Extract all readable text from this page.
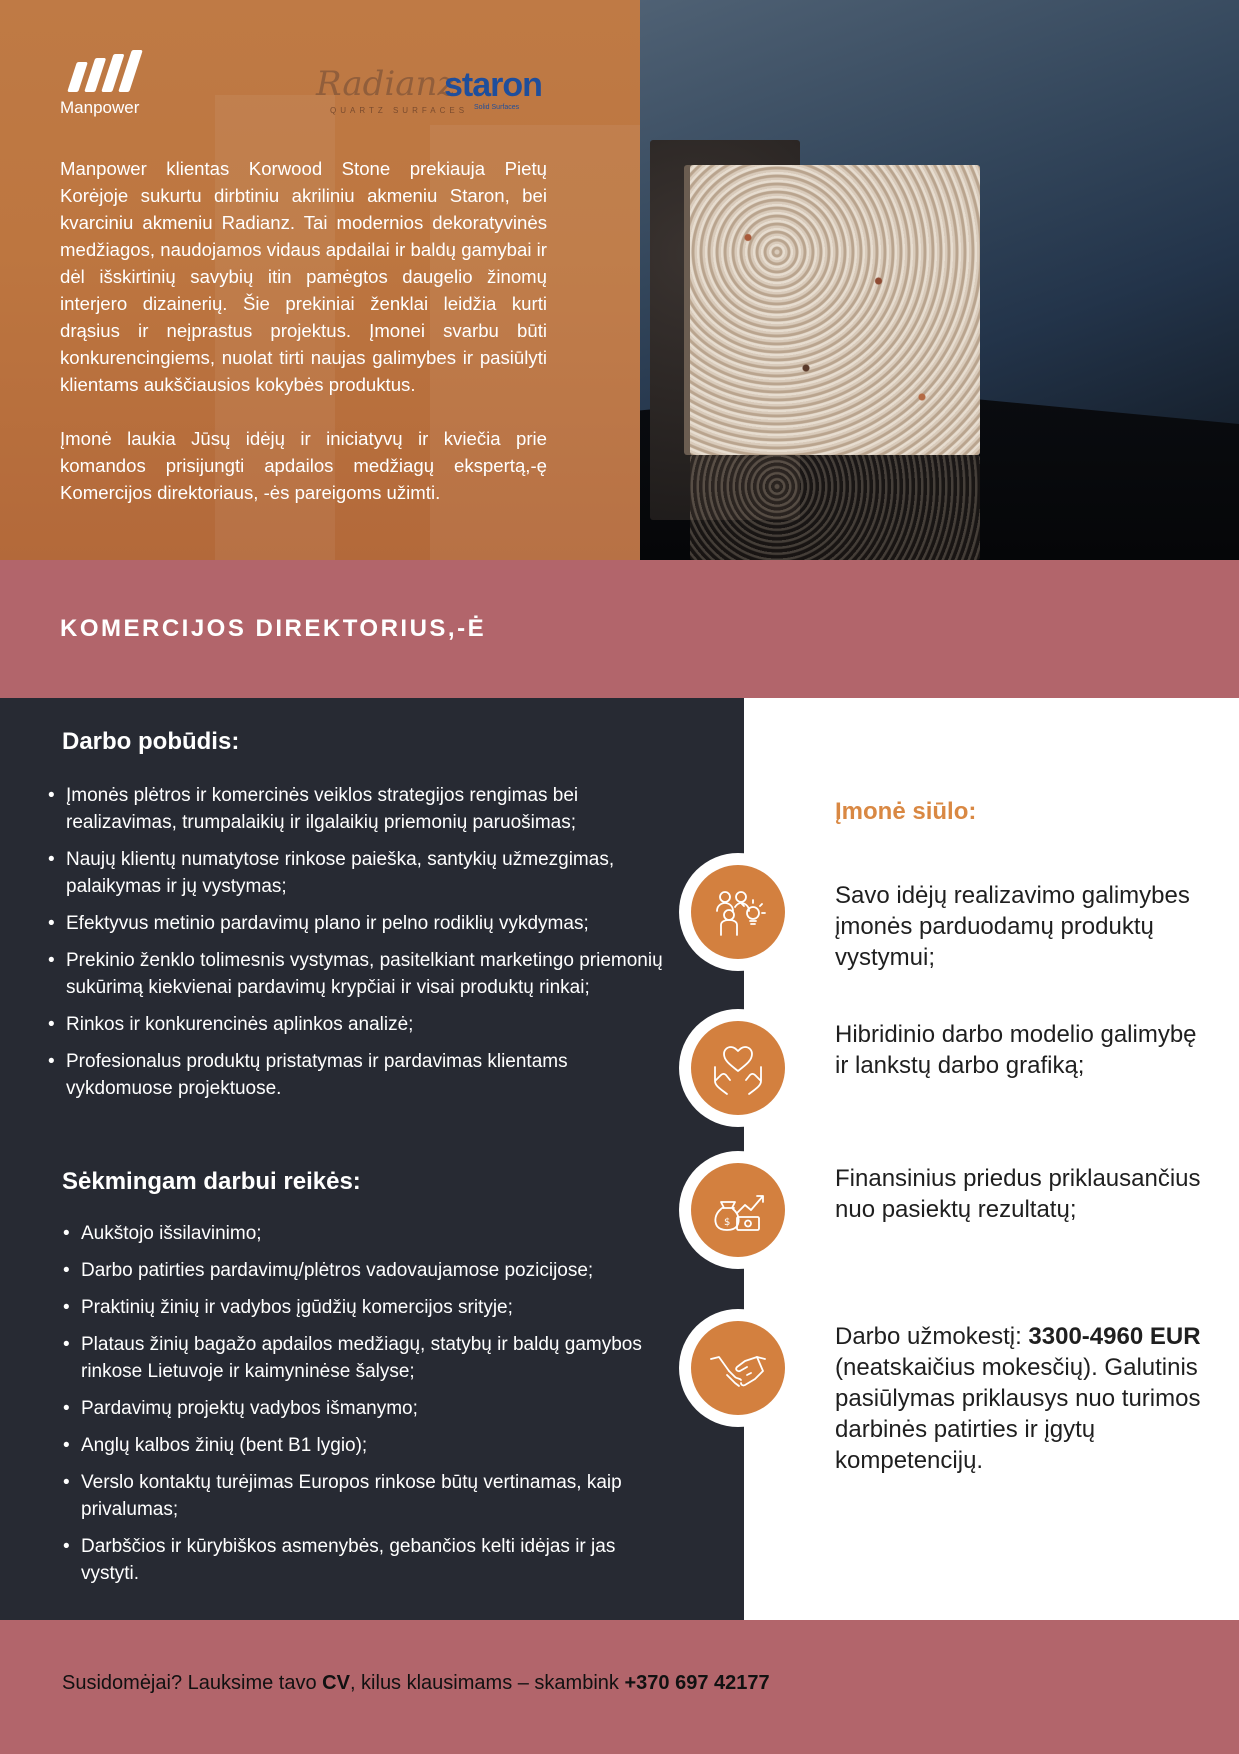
Manpower
Radianz
QUARTZ SURFACES
staron
Solid Surfaces

Manpower klientas Korwood Stone prekiauja Pietų Korėjoje sukurtu dirbtiniu akriliniu akmeniu Staron, bei kvarciniu akmeniu Radianz. Tai modernios dekoratyvinės medžiagos, naudojamos vidaus apdailai ir baldų gamybai ir dėl išskirtinių savybių itin pamėgtos daugelio žinomų interjero dizainerių. Šie prekiniai ženklai leidžia kurti drąsius ir neįprastus projektus. Įmonei svarbu būti konkurencingiems, nuolat tirti naujas galimybes ir pasiūlyti klientams aukščiausios kokybės produktus.

Įmonė laukia Jūsų idėjų ir iniciatyvų ir kviečia prie komandos prisijungti apdailos medžiagų ekspertą,-ę Komercijos direktoriaus, -ės pareigoms užimti.

KOMERCIJOS DIREKTORIUS,-Ė
Darbo pobūdis:
• Įmonės plėtros ir komercinės veiklos strategijos rengimas bei realizavimas, trumpalaikių ir ilgalaikių priemonių paruošimas;
• Naujų klientų numatytose rinkose paieška, santykių užmezgimas, palaikymas ir jų vystymas;
• Efektyvus metinio pardavimų plano ir pelno rodiklių vykdymas;
• Prekinio ženklo tolimesnis vystymas, pasitelkiant marketingo priemonių sukūrimą kiekvienai pardavimų krypčiai ir visai produktų rinkai;
• Rinkos ir konkurencinės aplinkos analizė;
• Profesionalus produktų pristatymas ir pardavimas klientams vykdomuose projektuose.
Sėkmingam darbui reikės:
• Aukštojo išsilavinimo;
• Darbo patirties pardavimų/plėtros vadovaujamose pozicijose;
• Praktinių žinių ir vadybos įgūdžių komercijos srityje;
• Plataus žinių bagažo apdailos medžiagų, statybų ir baldų gamybos rinkose Lietuvoje ir kaimyninėse šalyse;
• Pardavimų projektų vadybos išmanymo;
• Anglų kalbos žinių (bent B1 lygio);
• Verslo kontaktų turėjimas Europos rinkose būtų vertinamas, kaip privalumas;
• Darbščios ir kūrybiškos asmenybės, gebančios kelti idėjas ir jas vystyti.
Įmonė siūlo:
Savo idėjų realizavimo galimybes įmonės parduodamų produktų vystymui;
Hibridinio darbo modelio galimybę ir lankstų darbo grafiką;
$
Finansinius priedus priklausančius nuo pasiektų rezultatų;
Darbo užmokestį: 3300-4960 EUR (neatskaičius mokesčių). Galutinis pasiūlymas priklausys nuo turimos darbinės patirties ir įgytų kompetencijų.
Susidomėjai? Lauksime tavo CV, kilus klausimams – skambink +370 697 42177
